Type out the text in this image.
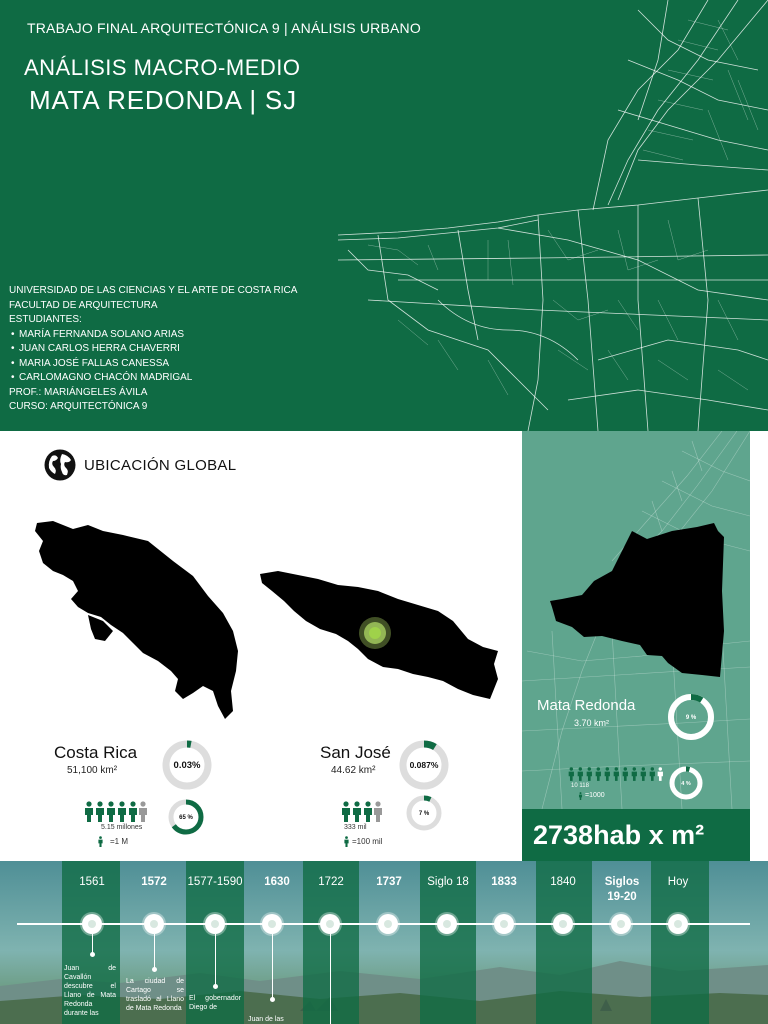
TRABAJO FINAL ARQUITECTÓNICA 9 | ANÁLISIS URBANO
ANÁLISIS MACRO-MEDIO
MATA REDONDA | SJ
UNIVERSIDAD DE LAS CIENCIAS Y EL ARTE DE COSTA RICA
FACULTAD DE ARQUITECTURA
ESTUDIANTES:
• MARÍA FERNANDA SOLANO ARIAS
• JUAN CARLOS HERRA CHAVERRI
• MARIA JOSÉ FALLAS CANESSA
• CARLOMAGNO CHACÓN MADRIGAL
PROF.: MARIÁNGELES ÁVILA
CURSO: ARQUITECTÓNICA 9
UBICACIÓN GLOBAL
Costa Rica
51,100 km²	0.03%
5.15 millones
=1 M
65 %
San José
44.62 km²	0.087%
333 mil
=100 mil
7 %
Mata Redonda
3.70 km²	9 %
10 118
=1000
4 %
2738hab x m²
1561	1572	1577-1590	1630	1722	1737	Siglo 18	1833	1840	Siglos 19-20
Hoy
Juan de Cavallón descubre el Llano de Mata Redonda durante las
La ciudad de Cartago se trasladó al Llano de Mata Redonda
El gobernador Diego de
Juan de las
